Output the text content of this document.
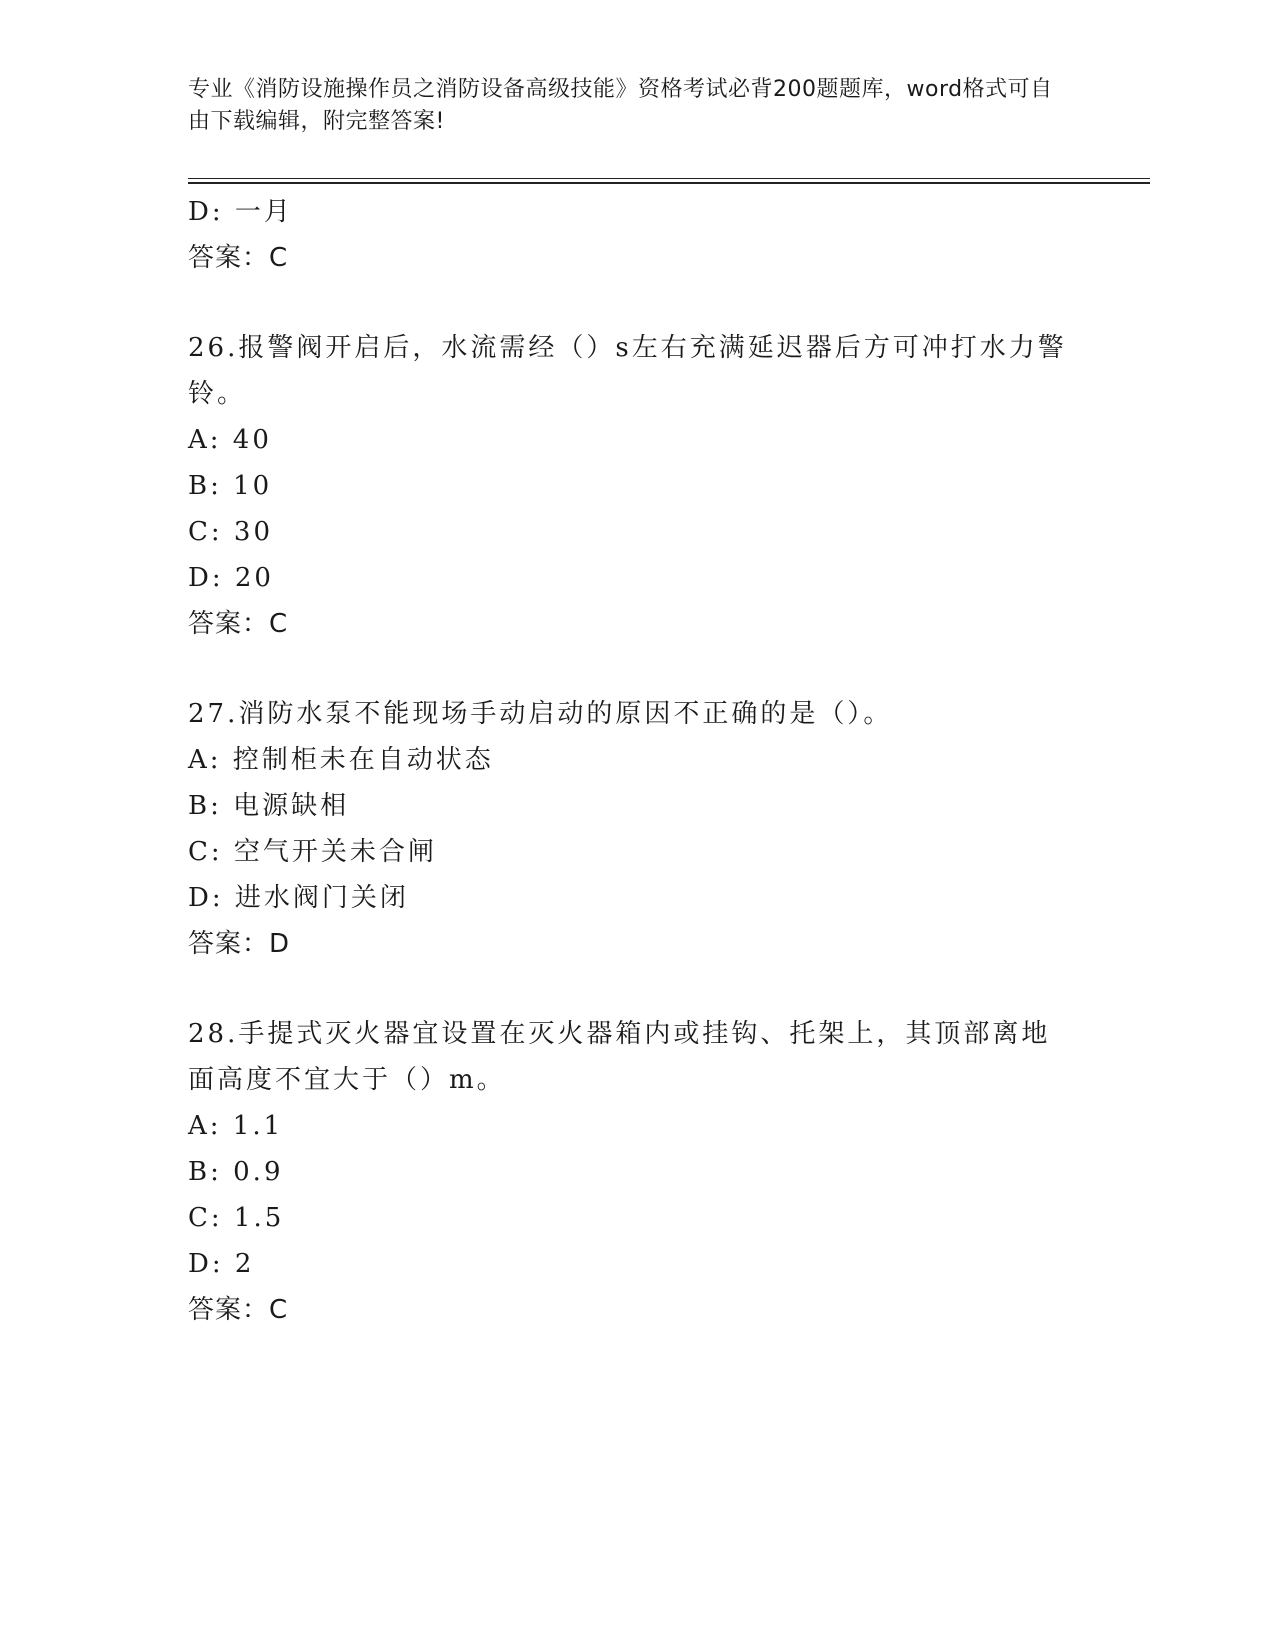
专业《消防设施操作员之消防设备高级技能》资格考试必背200题题库，word格式可自由下载编辑，附完整答案!
D: 一月
答案：C
26.报警阀开启后，水流需经（）s左右充满延迟器后方可冲打水力警铃。
A: 40
B: 10
C: 30
D: 20
答案：C
27.消防水泵不能现场手动启动的原因不正确的是（）。
A: 控制柜未在自动状态
B: 电源缺相
C: 空气开关未合闸
D: 进水阀门关闭
答案：D
28.手提式灭火器宜设置在灭火器箱内或挂钩、托架上，其顶部离地面高度不宜大于（）m。
A: 1.1
B: 0.9
C: 1.5
D: 2
答案：C
